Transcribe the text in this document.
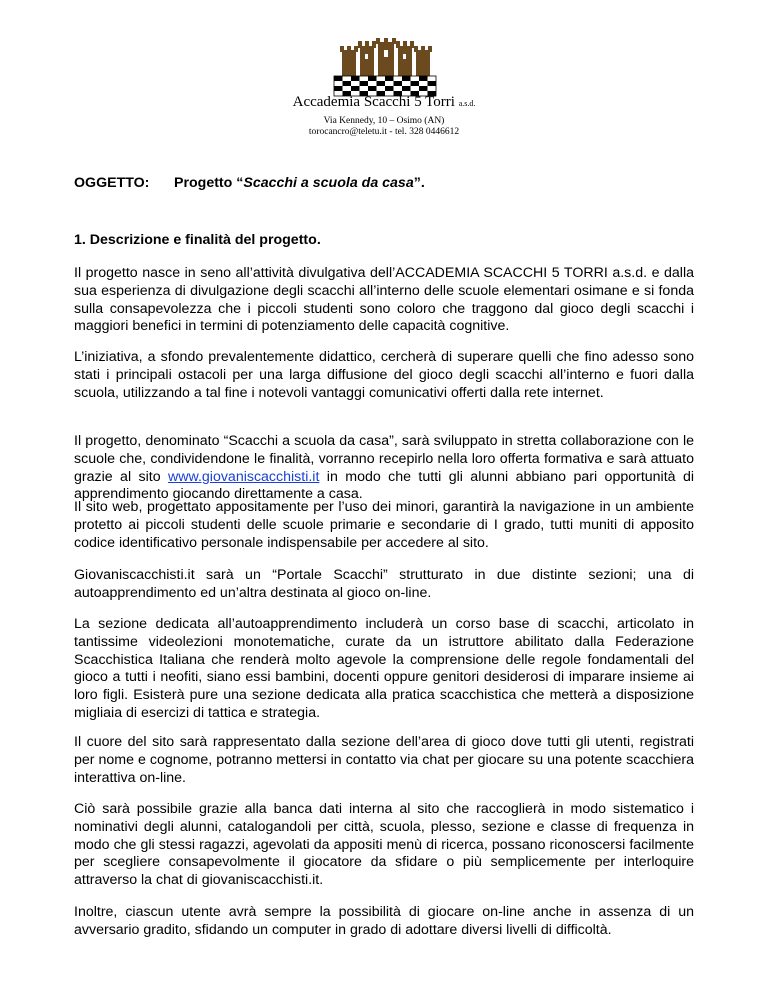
Accademia Scacchi 5 Torri a.s.d.
Via Kennedy, 10 – Osimo (AN)
torocancro@teletu.it - tel. 328 0446612
OGGETTO: Progetto “Scacchi a scuola da casa”.
1. Descrizione e finalità del progetto.
Il progetto nasce in seno all’attività divulgativa dell’ACCADEMIA SCACCHI 5 TORRI a.s.d. e dalla sua esperienza di divulgazione degli scacchi all’interno delle scuole elementari osimane e si fonda sulla consapevolezza che i piccoli studenti sono coloro che traggono dal gioco degli scacchi i maggiori benefici in termini di potenziamento delle capacità cognitive.
L’iniziativa, a sfondo prevalentemente didattico, cercherà di superare quelli che fino adesso sono stati i principali ostacoli per una larga diffusione del gioco degli scacchi all’interno e fuori dalla scuola, utilizzando a tal fine i notevoli vantaggi comunicativi offerti dalla rete internet.
Il progetto, denominato “Scacchi a scuola da casa”, sarà sviluppato in stretta collaborazione con le scuole che, condividendone le finalità, vorranno recepirlo nella loro offerta formativa e sarà attuato grazie al sito www.giovaniscacchisti.it in modo che tutti gli alunni abbiano pari opportunità di apprendimento giocando direttamente a casa.
Il sito web, progettato appositamente per l’uso dei minori, garantirà la navigazione in un ambiente protetto ai piccoli studenti delle scuole primarie e secondarie di I grado, tutti muniti di apposito codice identificativo personale indispensabile per accedere al sito.
Giovaniscacchisti.it sarà un “Portale Scacchi” strutturato in due distinte sezioni; una di autoapprendimento ed un’altra destinata al gioco on-line.
La sezione dedicata all’autoapprendimento includerà un corso base di scacchi, articolato in tantissime videolezioni monotematiche, curate da un istruttore abilitato dalla Federazione Scacchistica Italiana che renderà molto agevole la comprensione delle regole fondamentali del gioco a tutti i neofiti, siano essi bambini, docenti oppure genitori desiderosi di imparare insieme ai loro figli. Esisterà pure una sezione dedicata alla pratica scacchistica che metterà a disposizione migliaia di esercizi di tattica e strategia.
Il cuore del sito sarà rappresentato dalla sezione dell’area di gioco dove tutti gli utenti, registrati per nome e cognome, potranno mettersi in contatto via chat per giocare su una potente scacchiera interattiva on-line.
Ciò sarà possibile grazie alla banca dati interna al sito che raccoglierà in modo sistematico i nominativi degli alunni, catalogandoli per città, scuola, plesso, sezione e classe di frequenza in modo che gli stessi ragazzi, agevolati da appositi menù di ricerca, possano riconoscersi facilmente per scegliere consapevolmente il giocatore da sfidare o più semplicemente per interloquire attraverso la chat di giovaniscacchisti.it.
Inoltre, ciascun utente avrà sempre la possibilità di giocare on-line anche in assenza di un avversario gradito, sfidando un computer in grado di adottare diversi livelli di difficoltà.
